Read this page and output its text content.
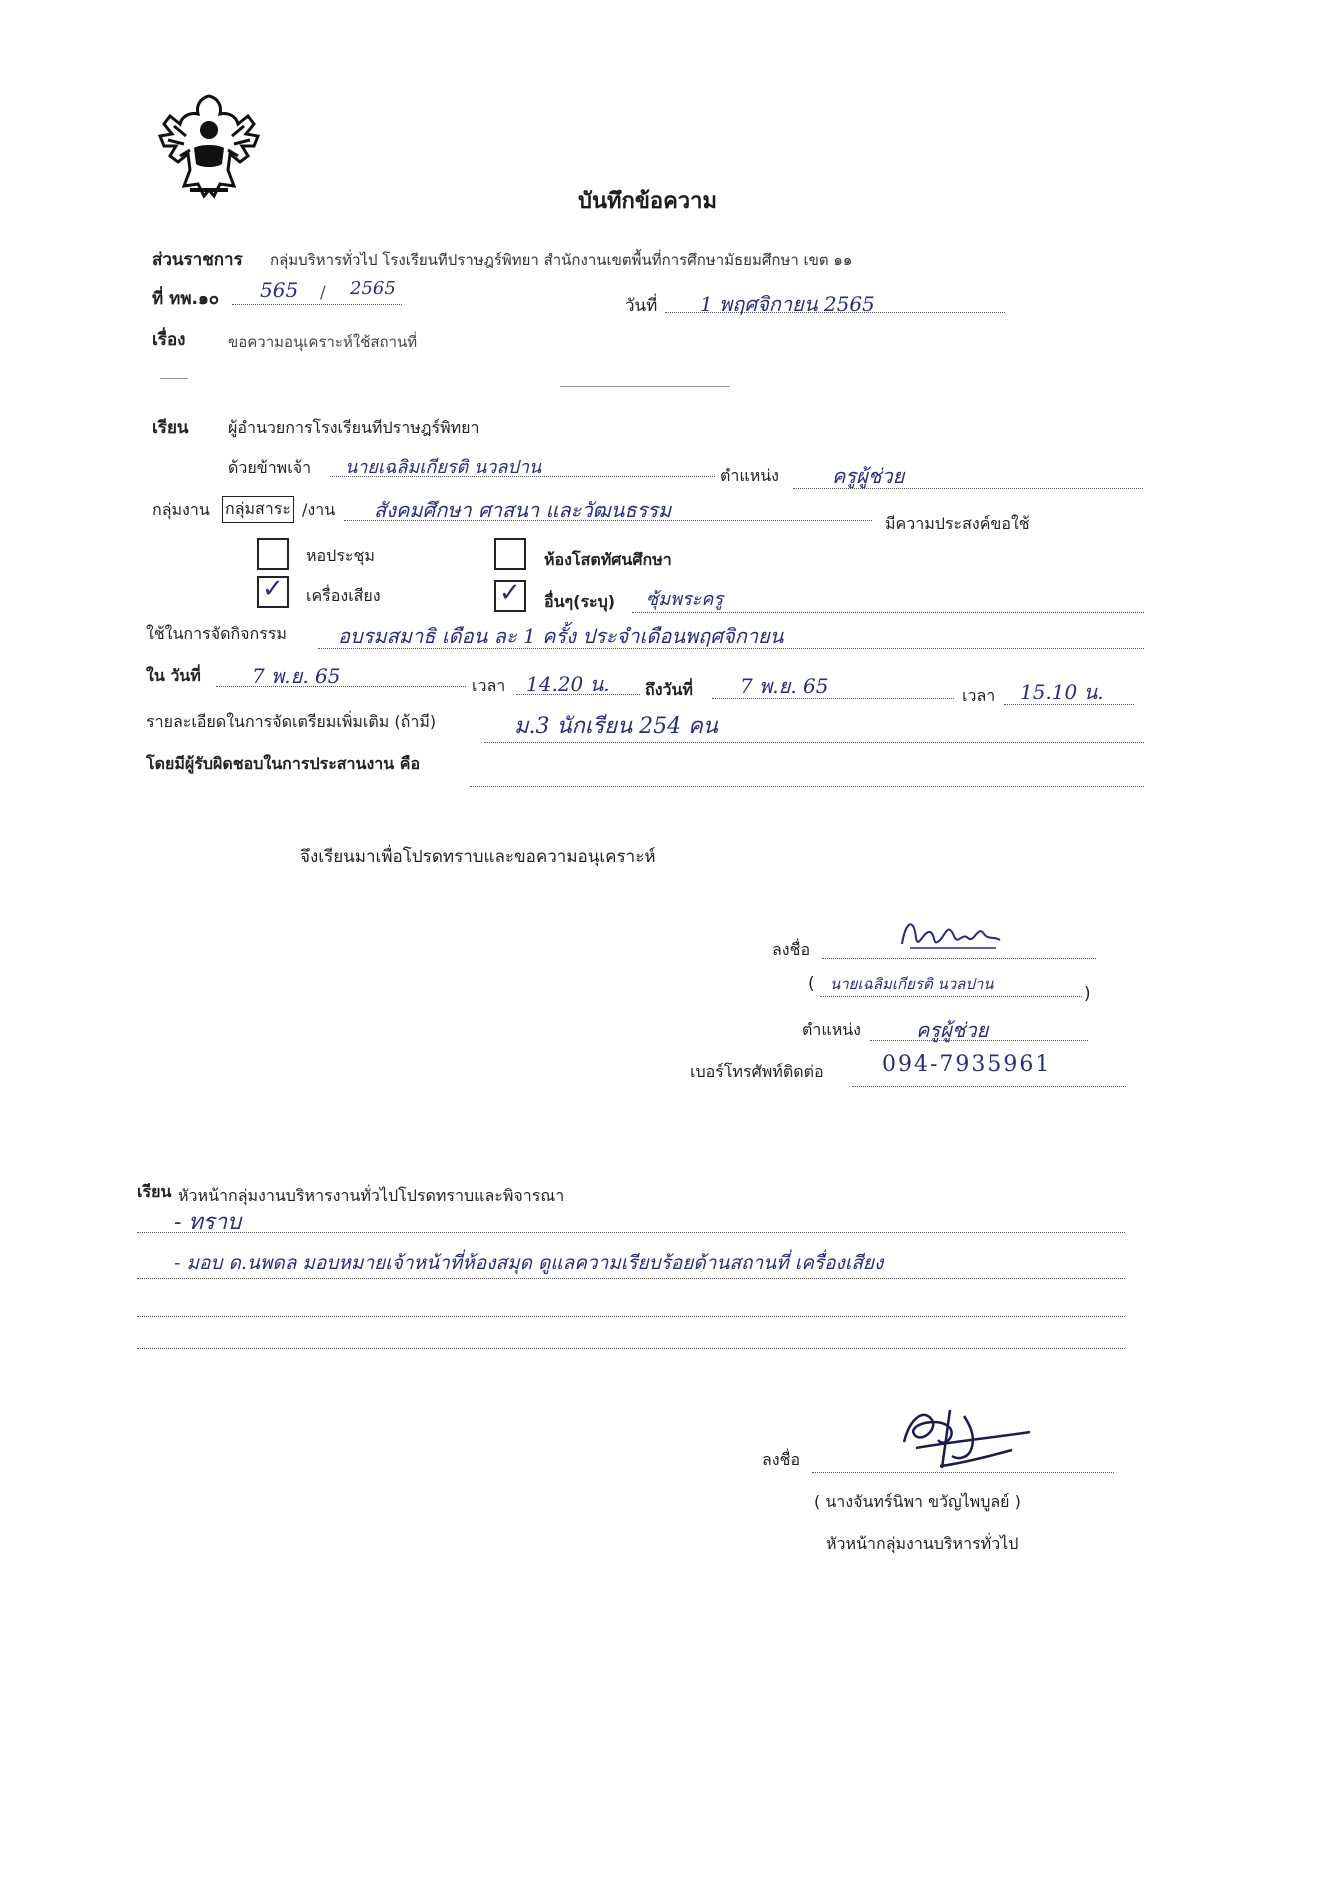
บันทึกข้อความ
ส่วนราชการ กลุ่มบริหารทั่วไป โรงเรียนทีปราษฎร์พิทยา สำนักงานเขตพื้นที่การศึกษามัธยมศึกษา เขต ๑๑
ที่ ทพ.๑๐ 565 / 2565
วันที่ 1 พฤศจิกายน 2565
เรื่อง	ขอความอนุเคราะห์ใช้สถานที่
เรียน ผู้อำนวยการโรงเรียนทีปราษฎร์พิทยา
ด้วยข้าพเจ้า นายเฉลิมเกียรติ นวลปาน	ตำแหน่ง	ครูผู้ช่วย
กลุ่มงาน กลุ่มสาระ /งาน สังคมศึกษา ศาสนา และวัฒนธรรม
มีความประสงค์ขอใช้
หอประชุม	ห้องโสตทัศนศึกษา
✓ เครื่องเสียง	✓ อื่นๆ(ระบุ) ซุ้มพระครู
ใช้ในการจัดกิจกรรม	อบรมสมาธิ เดือน ละ 1 ครั้ง ประจำเดือนพฤศจิกายน
ใน วันที่	7 พ.ย. 65	เวลา 14.20 น. ถึงวันที่ 7 พ.ย. 65	เวลา 15.10 น.
รายละเอียดในการจัดเตรียมเพิ่มเติม (ถ้ามี)	ม.3 นักเรียน 254 คน
โดยมีผู้รับผิดชอบในการประสานงาน คือ
จึงเรียนมาเพื่อโปรดทราบและขอความอนุเคราะห์
ลงชื่อ
( นายเฉลิมเกียรติ นวลปาน	)
ตำแหน่ง	ครูผู้ช่วย
เบอร์โทรศัพท์ติดต่อ	094-7935961
เรียน หัวหน้ากลุ่มงานบริหารงานทั่วไปโปรดทราบและพิจารณา
- ทราบ
- มอบ ด.นพดล มอบหมายเจ้าหน้าที่ห้องสมุด ดูแลความเรียบร้อยด้านสถานที่ เครื่องเสียง
ลงชื่อ
( นางจันทร์นิพา ขวัญไพบูลย์ )
หัวหน้ากลุ่มงานบริหารทั่วไป
